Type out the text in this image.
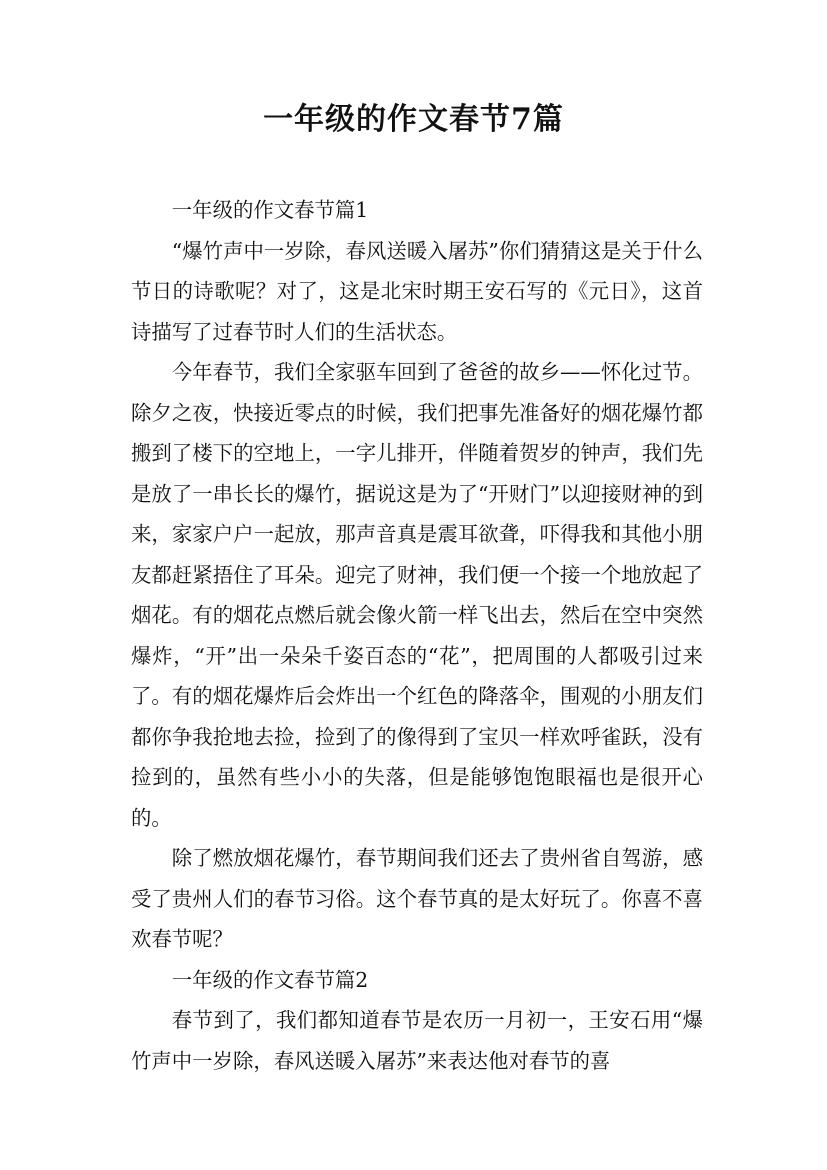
一年级的作文春节7篇

一年级的作文春节篇1

“爆竹声中一岁除，春风送暖入屠苏”你们猜猜这是关于什么节日的诗歌呢？对了，这是北宋时期王安石写的《元日》，这首诗描写了过春节时人们的生活状态。

今年春节，我们全家驱车回到了爸爸的故乡——怀化过节。除夕之夜，快接近零点的时候，我们把事先准备好的烟花爆竹都搬到了楼下的空地上，一字儿排开，伴随着贺岁的钟声，我们先是放了一串长长的爆竹，据说这是为了“开财门”以迎接财神的到来，家家户户一起放，那声音真是震耳欲聋，吓得我和其他小朋友都赶紧捂住了耳朵。迎完了财神，我们便一个接一个地放起了烟花。有的烟花点燃后就会像火箭一样飞出去，然后在空中突然爆炸，“开”出一朵朵千姿百态的“花”，把周围的人都吸引过来了。有的烟花爆炸后会炸出一个红色的降落伞，围观的小朋友们都你争我抢地去捡，捡到了的像得到了宝贝一样欢呼雀跃，没有捡到的，虽然有些小小的失落，但是能够饱饱眼福也是很开心的。

除了燃放烟花爆竹，春节期间我们还去了贵州省自驾游，感受了贵州人们的春节习俗。这个春节真的是太好玩了。你喜不喜欢春节呢？

一年级的作文春节篇2

春节到了，我们都知道春节是农历一月初一，王安石用“爆竹声中一岁除，春风送暖入屠苏”来表达他对春节的喜
